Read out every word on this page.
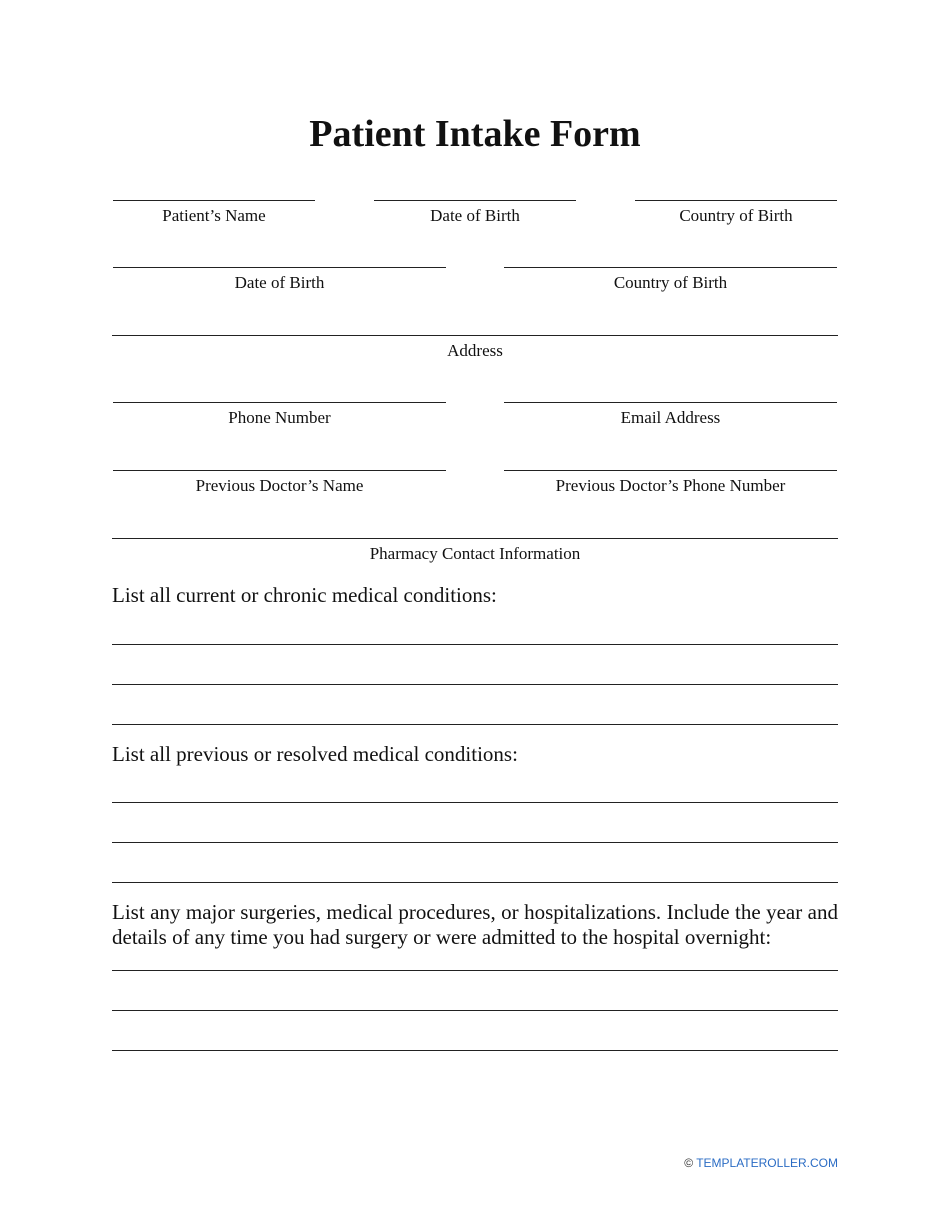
Patient Intake Form
Patient’s Name	Date of Birth	Country of Birth
Date of Birth	Country of Birth
Address
Phone Number	Email Address
Previous Doctor’s Name	Previous Doctor’s Phone Number
Pharmacy Contact Information

List all current or chronic medical conditions:

List all previous or resolved medical conditions:

List any major surgeries, medical procedures, or hospitalizations. Include the year and details of any time you had surgery or were admitted to the hospital overnight:

© TEMPLATEROLLER.COM
